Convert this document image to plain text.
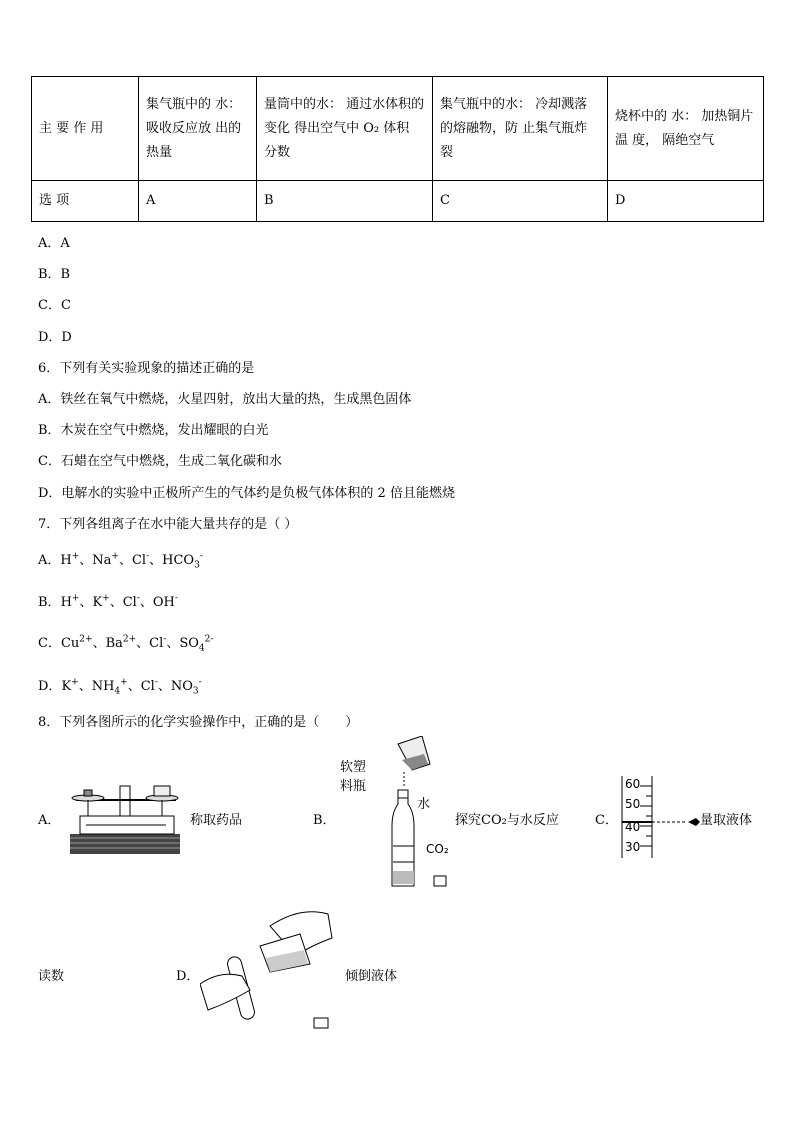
主 要 作 用	集气瓶中的 水：吸收反应放 出的热量	量筒中的水： 通过水体积的变化 得出空气中 O₂ 体积 分数	集气瓶中的水： 冷却溅落的熔融物，防 止集气瓶炸裂	烧杯中的 水： 加热铜片温 度， 隔绝空气
选 项	A	B	C	D
A．A
B．B
C．C
D．D
6．下列有关实验现象的描述正确的是
A．铁丝在氧气中燃烧，火星四射，放出大量的热，生成黑色固体
B．木炭在空气中燃烧，发出耀眼的白光
C．石蜡在空气中燃烧，生成二氧化碳和水
D．电解水的实验中正极所产生的气体约是负极气体体积的 2 倍且能燃烧
7．下列各组离子在水中能大量共存的是（ ）
A．H+、Na+、Cl-、$HCO_3^-$
B．H+、K+、Cl-、OH-
C．$Cu^{2+}$、$Ba^{2+}$、Cl-、$SO_4^{2-}$
D．K+、$NH_4^+$、Cl-、$NO_3^-$
8．下列各图所示的化学实验操作中，正确的是（　　）
A．	称取药品	B．
软塑料瓶
水
CO₂
探究CO₂与水反应	C．
60
50
40
30
量取液体
读数	D．	倾倒液体
